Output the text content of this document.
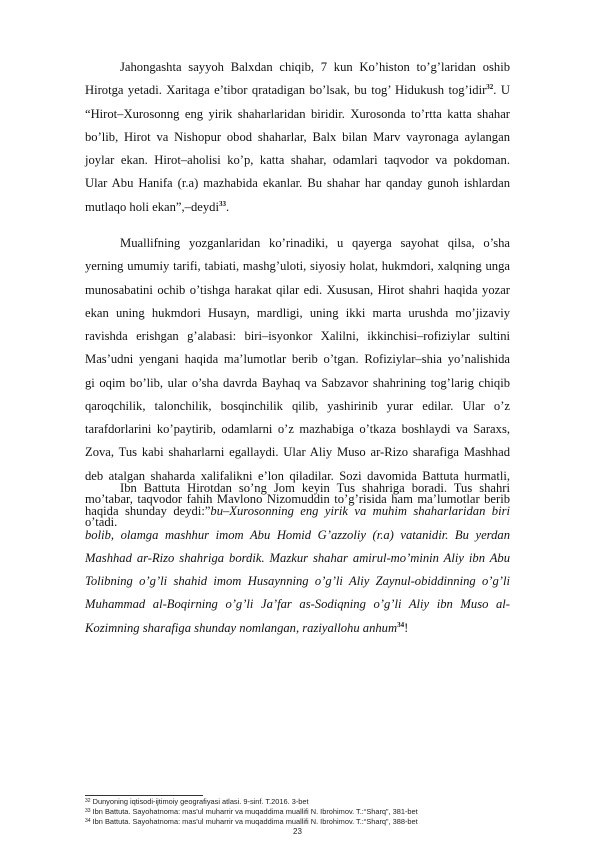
Jahongashta sayyoh Balxdan chiqib, 7 kun Ko’histon to’g’laridan oshib
Hirotga yetadi. Xaritaga e’tibor qratadigan bo’lsak, bu tog’ Hidukush tog’idir$^{32}$. U
“Hirot‒Xurosonng eng yirik shaharlaridan biridir. Xurosonda to’rtta katta shahar
bo’lib, Hirot va Nishopur obod shaharlar, Balx bilan Marv vayronaga aylangan
joylar ekan. Hirot‒aholisi ko’p, katta shahar, odamlari taqvodor va pokdoman.
Ular Abu Hanifa (r.a) mazhabida ekanlar. Bu shahar har qanday gunoh ishlardan
mutlaqo holi ekan”,‒deydi$^{33}$.
Muallifning yozganlaridan ko’rinadiki, u qayerga sayohat qilsa, o’sha
yerning umumiy tarifi, tabiati, mashg’uloti, siyosiy holat, hukmdori, xalqning unga
munosabatini ochib o’tishga harakat qilar edi. Xususan, Hirot shahri haqida yozar
ekan uning hukmdori Husayn, mardligi, uning ikki marta urushda mo’jizaviy
ravishda erishgan g’alabasi: biri‒isyonkor Xalilni, ikkinchisi‒rofiziylar sultini
Mas’udni yengani haqida ma’lumotlar berib o’tgan. Rofiziylar‒shia yo’nalishida
gi oqim bo’lib, ular o’sha davrda Bayhaq va Sabzavor shahrining tog’larig chiqib
qaroqchilik, talonchilik, bosqinchilik qilib, yashirinib yurar edilar. Ular o’z
tarafdorlarini ko’paytirib, odamlarni o’z mazhabiga o’tkaza boshlaydi va Saraxs,
Zova, Tus kabi shaharlarni egallaydi. Ular Aliy Muso ar-Rizo sharafiga Mashhad
deb atalgan shaharda xalifalikni e’lon qiladilar. Sozi davomida Battuta hurmatli,
mo’tabar, taqvodor fahih Mavlono Nizomuddin to’g’risida ham ma’lumotlar berib
o’tadi.
Ibn Battuta Hirotdan so’ng Jom keyin Tus shahriga boradi. Tus shahri
haqida shunday deydi:”bu‒Xurosonning eng yirik va muhim shaharlaridan biri
bolib, olamga mashhur imom Abu Homid G’azzoliy (r.a) vatanidir. Bu yerdan
Mashhad ar-Rizo shahriga bordik. Mazkur shahar amirul-mo’minin Aliy ibn Abu
Tolibning o’g’li shahid imom Husaynning o’g’li Aliy Zaynul-obiddinning o’g’li
Muhammad al-Boqirning o’g’li Ja’far as-Sodiqning o’g’li Aliy ibn Muso al-
Kozimning sharafiga shunday nomlangan, raziyallohu anhum$^{34}$!
$^{32}$ Dunyoning iqtisodi-ijtimoiy geografiyasi atlasi. 9-sinf. T.2016. 3-bet
$^{33}$ Ibn Battuta. Sayohatnoma: mas’ul muharrir va muqaddima muallifi N. Ibrohimov. T.:“Sharq”, 381-bet
$^{34}$ Ibn Battuta. Sayohatnoma: mas’ul muharrir va muqaddima muallifi N. Ibrohimov. T.:“Sharq”, 388-bet
23
